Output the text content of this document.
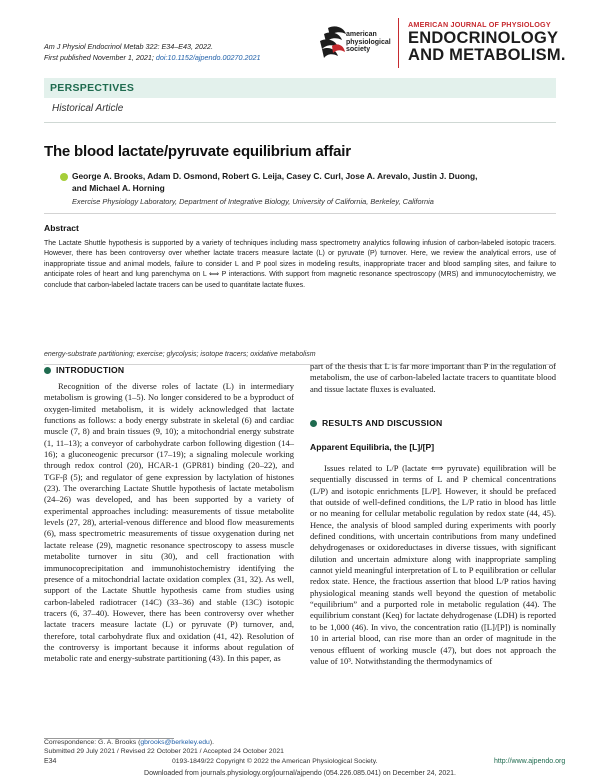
Am J Physiol Endocrinol Metab 322: E34–E43, 2022.
First published November 1, 2021; doi:10.1152/ajpendo.00270.2021
american
physiological
society
AMERICAN JOURNAL OF PHYSIOLOGY
ENDOCRINOLOGY
AND METABOLISM.
PERSPECTIVES
Historical Article
The blood lactate/pyruvate equilibrium affair
George A. Brooks, Adam D. Osmond, Robert G. Leija, Casey C. Curl, Jose A. Arevalo, Justin J. Duong,
and Michael A. Horning
Exercise Physiology Laboratory, Department of Integrative Biology, University of California, Berkeley, California
Abstract
The Lactate Shuttle hypothesis is supported by a variety of techniques including mass spectrometry analytics following infusion of carbon-labeled isotopic tracers. However, there has been controversy over whether lactate tracers measure lactate (L) or pyruvate (P) turnover. Here, we review the analytical errors, use of inappropriate tissue and animal models, failure to consider L and P pool sizes in modeling results, inappropriate tracer and blood sampling sites, and failure to anticipate roles of heart and lung parenchyma on L ⟺ P interactions. With support from magnetic resonance spectroscopy (MRS) and immunocytochemistry, we conclude that carbon-labeled lactate tracers can be used to quantitate lactate fluxes.
energy-substrate partitioning; exercise; glycolysis; isotope tracers; oxidative metabolism
INTRODUCTION

Recognition of the diverse roles of lactate (L) in intermediary metabolism is growing (1–5). No longer considered to be a byproduct of oxygen-limited metabolism, it is widely acknowledged that lactate functions as follows: a body energy substrate in skeletal (6) and cardiac muscle (7, 8) and brain tissues (9, 10); a mitochondrial energy substrate (1, 11–13); a conveyor of carbohydrate carbon following digestion (14–16); a gluconeogenic precursor (17–19); a signaling molecule working through redox control (20), HCAR-1 (GPR81) binding (20–22), and TGF-β (5); and regulator of gene expression by lactylation of histones (23). The overarching Lactate Shuttle hypothesis of lactate metabolism (24–26) was developed, and has been supported by a variety of experimental approaches including: measurements of tissue metabolite levels (27, 28), arterial-venous difference and blood flow measurements (6), mass spectrometric measurements of tissue oxygenation during net lactate release (29), magnetic resonance spectroscopy to assess muscle metabolite turnover in situ (30), and cell fractionation with immunocoprecipitation and immunohistochemistry identifying the presence of a mitochondrial lactate oxidation complex (31, 32). As well, support of the Lactate Shuttle hypothesis came from studies using carbon-labeled radiotracer (14C) (33–36) and stable (13C) isotopic tracers (6, 37–40). However, there has been controversy over whether lactate tracers measure lactate (L) or pyruvate (P) turnover, and, therefore, total carbohydrate flux and oxidation (41, 42). Resolution of the controversy is important because it informs about regulation of metabolic rate and energy-substrate partitioning (43). In this paper, as

part of the thesis that L is far more important than P in the regulation of metabolism, the use of carbon-labeled lactate tracers to quantitate blood and tissue lactate fluxes is evaluated.

RESULTS AND DISCUSSION
Apparent Equilibria, the [L]/[P]

Issues related to L/P (lactate ⟺ pyruvate) equilibration will be sequentially discussed in terms of L and P chemical concentrations (L/P) and isotopic enrichments [L/P]. However, it should be prefaced that outside of well-defined conditions, the L/P ratio in blood has little or no meaning for cellular metabolic regulation by redox state (44, 45). Hence, the analysis of blood sampled during experiments with poorly defined conditions, with uncertain contributions from many undefined dehydrogenases or oxidoreductases in diverse tissues, with significant dilution and uncertain admixture along with inappropriate sampling cannot yield meaningful interpretation of L to P equilibration or cellular redox state. Hence, the fractious assertion that blood L/P ratios having physiological meaning stands well beyond the question of metabolic “equilibrium” and a purported role in metabolic regulation (44). The equilibrium constant (Keq) for lactate dehydrogenase (LDH) is reported to be 1,000 (46). In vivo, the concentration ratio ([L]/[P]) is nominally 10 in arterial blood, can rise more than an order of magnitude in the venous effluent of working muscle (47), but does not approach the value of 10³. Notwithstanding the thermodynamics of

Correspondence: G. A. Brooks (gbrooks@berkeley.edu).
Submitted 29 July 2021 / Revised 22 October 2021 / Accepted 24 October 2021
E34	0193-1849/22 Copyright © 2022 the American Physiological Society.	http://www.ajpendo.org
Downloaded from journals.physiology.org/journal/ajpendo (054.226.085.041) on December 24, 2021.
